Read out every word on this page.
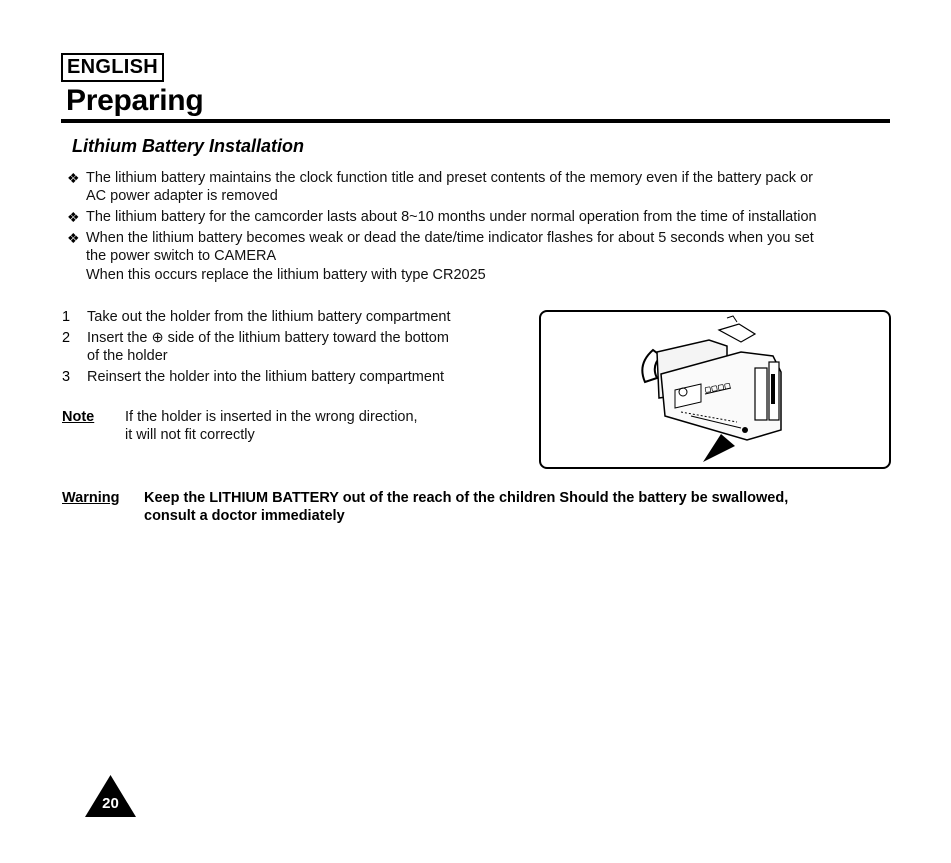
ENGLISH
Preparing
Lithium Battery Installation
❖ The lithium battery maintains the clock function title and preset contents of the memory even if the battery pack or
AC power adapter is removed
❖ The lithium battery for the camcorder lasts about 8~10 months under normal operation from the time of installation
❖ When the lithium battery becomes weak or dead the date/time indicator flashes for about 5 seconds when you set
the power switch to CAMERA
When this occurs replace the lithium battery with type CR2025
1 Take out the holder from the lithium battery compartment
2 Insert the ⊕ side of the lithium battery toward the bottom
of the holder
3 Reinsert the holder into the lithium battery compartment
Note If the holder is inserted in the wrong direction,
it will not fit correctly
▢▢▢▢
Warning Keep the LITHIUM BATTERY out of the reach of the children Should the battery be swallowed,
consult a doctor immediately
20
